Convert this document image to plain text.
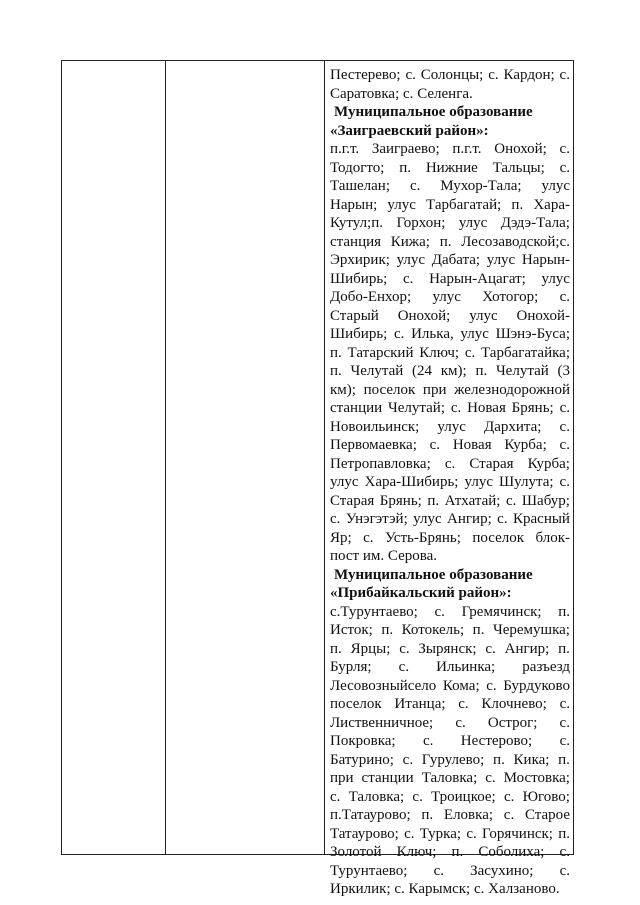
Пестерево; с. Солонцы; с. Кардон; с.
Саратовка; с. Селенга.
Муниципальное образование
«Заиграевский район»:
п.г.т. Заиграево; п.г.т. Онохой; с.
Тодогто; п. Нижние Тальцы; с.
Ташелан; с. Мухор-Тала; улус
Нарын; улус Тарбагатай; п. Хара-
Кутул;п. Горхон; улус Дэдэ-Тала;
станция Кижа; п. Лесозаводской;с.
Эрхирик; улус Дабата; улус Нарын-
Шибирь; с. Нарын-Ацагат; улус
Добо-Енхор; улус Хотогор; с.
Старый Онохой; улус Онохой-
Шибирь; с. Илька, улус Шэнэ-Буса;
п. Татарский Ключ; с. Тарбагатайка;
п. Челутай (24 км); п. Челутай (3
км); поселок при железнодорожной
станции Челутай; с. Новая Брянь; с.
Новоильинск; улус Дархита; с.
Первомаевка; с. Новая Курба; с.
Петропавловка; с. Старая Курба;
улус Хара-Шибирь; улус Шулута; с.
Старая Брянь; п. Атхатай; с. Шабур;
с. Унэгэтэй; улус Ангир; с. Красный
Яр; с. Усть-Брянь; поселок блок-
пост им. Серова.
Муниципальное образование
«Прибайкальский район»:
с.Турунтаево; с. Гремячинск; п.
Исток; п. Котокель; п. Черемушка;
п. Ярцы; с. Зырянск; с. Ангир; п.
Бурля; с. Ильинка; разъезд
Лесовозныйсело Кома; с. Бурдуково
поселок Итанца; с. Клочнево; с.
Лиственничное; с. Острог; с.
Покровка; с. Нестерово; с.
Батурино; с. Гурулево; п. Кика; п.
при станции Таловка; с. Мостовка;
с. Таловка; с. Троицкое; с. Югово;
п.Татаурово; п. Еловка; с. Старое
Татаурово; с. Турка; с. Горячинск; п.
Золотой Ключ; п. Соболиха; с.
Турунтаево; с. Засухино; с.
Иркилик; с. Карымск; с. Халзаново.
